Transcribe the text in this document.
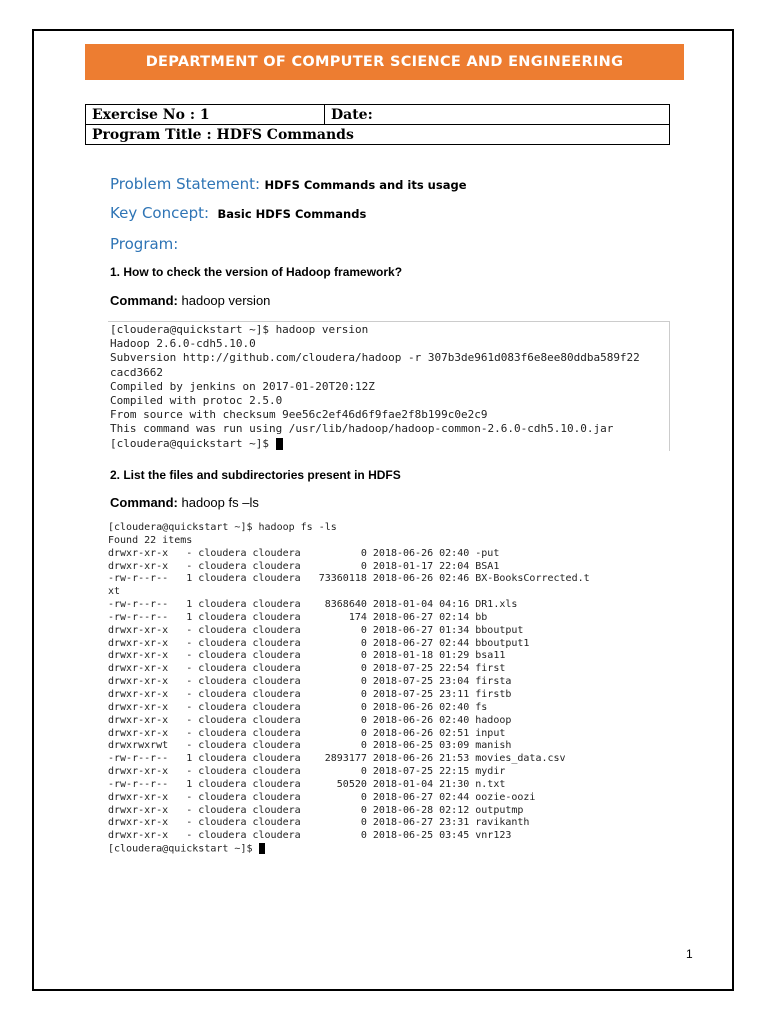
DEPARTMENT OF COMPUTER SCIENCE AND ENGINEERING
Exercise No : 1	Date:
Program Title : HDFS Commands
Problem Statement: HDFS Commands and its usage
Key Concept: Basic HDFS Commands
Program:
1. How to check the version of Hadoop framework?
Command: hadoop version
[cloudera@quickstart ~]$ hadoop version
Hadoop 2.6.0-cdh5.10.0
Subversion http://github.com/cloudera/hadoop -r 307b3de961d083f6e8ee80ddba589f22
cacd3662
Compiled by jenkins on 2017-01-20T20:12Z
Compiled with protoc 2.5.0
From source with checksum 9ee56c2ef46d6f9fae2f8b199c0e2c9
This command was run using /usr/lib/hadoop/hadoop-common-2.6.0-cdh5.10.0.jar
[cloudera@quickstart ~]$
2. List the files and subdirectories present in HDFS
Command: hadoop fs –ls
[cloudera@quickstart ~]$ hadoop fs -ls
Found 22 items
drwxr-xr-x   - cloudera cloudera          0 2018-06-26 02:40 -put
drwxr-xr-x   - cloudera cloudera          0 2018-01-17 22:04 BSA1
-rw-r--r--   1 cloudera cloudera   73360118 2018-06-26 02:46 BX-BooksCorrected.t
xt
-rw-r--r--   1 cloudera cloudera    8368640 2018-01-04 04:16 DR1.xls
-rw-r--r--   1 cloudera cloudera        174 2018-06-27 02:14 bb
drwxr-xr-x   - cloudera cloudera          0 2018-06-27 01:34 bboutput
drwxr-xr-x   - cloudera cloudera          0 2018-06-27 02:44 bboutput1
drwxr-xr-x   - cloudera cloudera          0 2018-01-18 01:29 bsa11
drwxr-xr-x   - cloudera cloudera          0 2018-07-25 22:54 first
drwxr-xr-x   - cloudera cloudera          0 2018-07-25 23:04 firsta
drwxr-xr-x   - cloudera cloudera          0 2018-07-25 23:11 firstb
drwxr-xr-x   - cloudera cloudera          0 2018-06-26 02:40 fs
drwxr-xr-x   - cloudera cloudera          0 2018-06-26 02:40 hadoop
drwxr-xr-x   - cloudera cloudera          0 2018-06-26 02:51 input
drwxrwxrwt   - cloudera cloudera          0 2018-06-25 03:09 manish
-rw-r--r--   1 cloudera cloudera    2893177 2018-06-26 21:53 movies_data.csv
drwxr-xr-x   - cloudera cloudera          0 2018-07-25 22:15 mydir
-rw-r--r--   1 cloudera cloudera      50520 2018-01-04 21:30 n.txt
drwxr-xr-x   - cloudera cloudera          0 2018-06-27 02:44 oozie-oozi
drwxr-xr-x   - cloudera cloudera          0 2018-06-28 02:12 outputmp
drwxr-xr-x   - cloudera cloudera          0 2018-06-27 23:31 ravikanth
drwxr-xr-x   - cloudera cloudera          0 2018-06-25 03:45 vnr123
[cloudera@quickstart ~]$
1
